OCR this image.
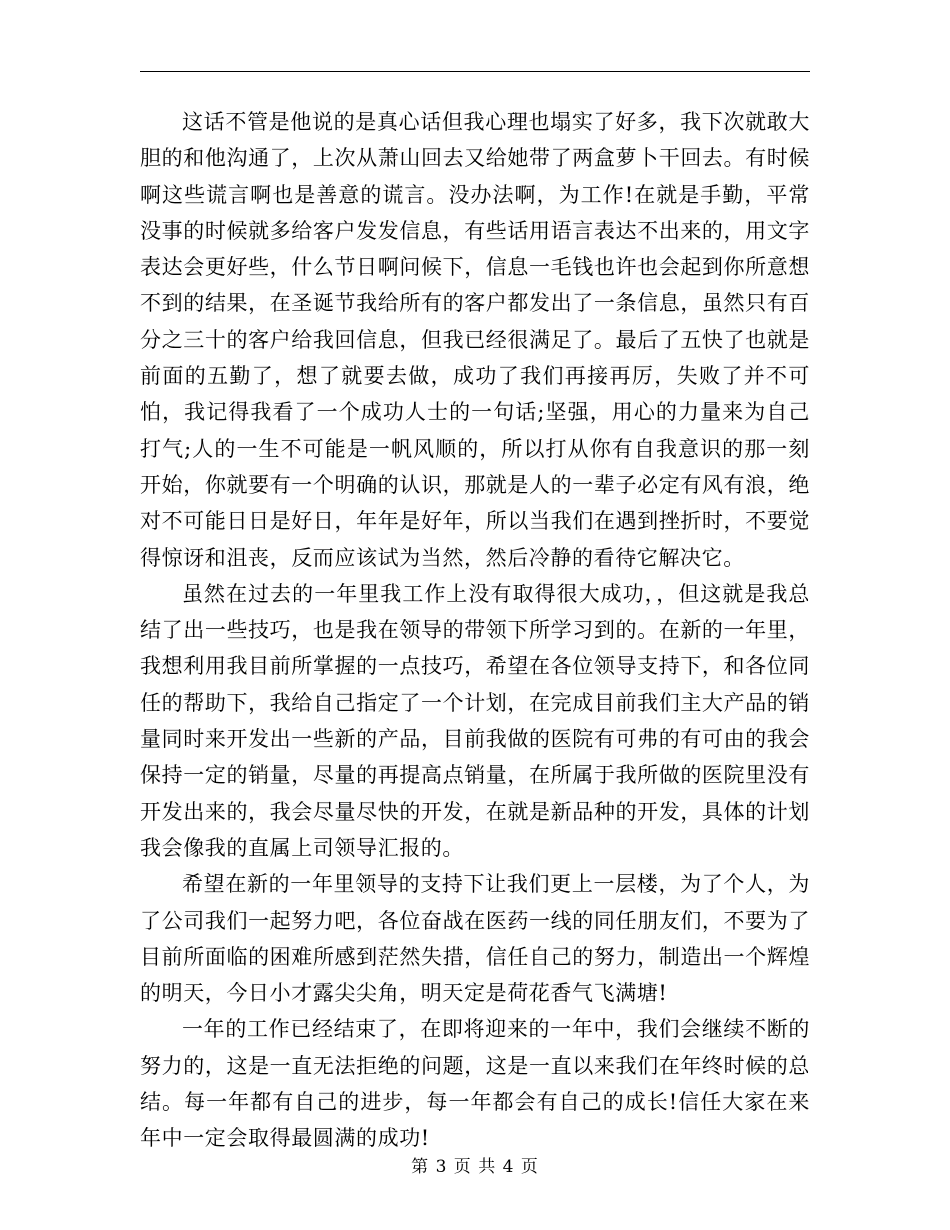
这话不管是他说的是真心话但我心理也塌实了好多，我下次就敢大胆的和他沟通了，上次从萧山回去又给她带了两盒萝卜干回去。有时候啊这些谎言啊也是善意的谎言。没办法啊，为工作!在就是手勤，平常没事的时候就多给客户发发信息，有些话用语言表达不出来的，用文字表达会更好些，什么节日啊问候下，信息一毛钱也许也会起到你所意想不到的结果，在圣诞节我给所有的客户都发出了一条信息，虽然只有百分之三十的客户给我回信息，但我已经很满足了。最后了五快了也就是前面的五勤了，想了就要去做，成功了我们再接再厉，失败了并不可怕，我记得我看了一个成功人士的一句话;坚强，用心的力量来为自己打气;人的一生不可能是一帆风顺的，所以打从你有自我意识的那一刻开始，你就要有一个明确的认识，那就是人的一辈子必定有风有浪，绝对不可能日日是好日，年年是好年，所以当我们在遇到挫折时，不要觉得惊讶和沮丧，反而应该试为当然，然后冷静的看待它解决它。

虽然在过去的一年里我工作上没有取得很大成功，，但这就是我总结了出一些技巧，也是我在领导的带领下所学习到的。在新的一年里，我想利用我目前所掌握的一点技巧，希望在各位领导支持下，和各位同任的帮助下，我给自己指定了一个计划，在完成目前我们主大产品的销量同时来开发出一些新的产品，目前我做的医院有可弗的有可由的我会保持一定的销量，尽量的再提高点销量，在所属于我所做的医院里没有开发出来的，我会尽量尽快的开发，在就是新品种的开发，具体的计划我会像我的直属上司领导汇报的。

希望在新的一年里领导的支持下让我们更上一层楼，为了个人，为了公司我们一起努力吧，各位奋战在医药一线的同任朋友们，不要为了目前所面临的困难所感到茫然失措，信任自己的努力，制造出一个辉煌的明天，今日小才露尖尖角，明天定是荷花香气飞满塘!

一年的工作已经结束了，在即将迎来的一年中，我们会继续不断的努力的，这是一直无法拒绝的问题，这是一直以来我们在年终时候的总结。每一年都有自己的进步，每一年都会有自己的成长!信任大家在来年中一定会取得最圆满的成功!

第 3 页 共 4 页
